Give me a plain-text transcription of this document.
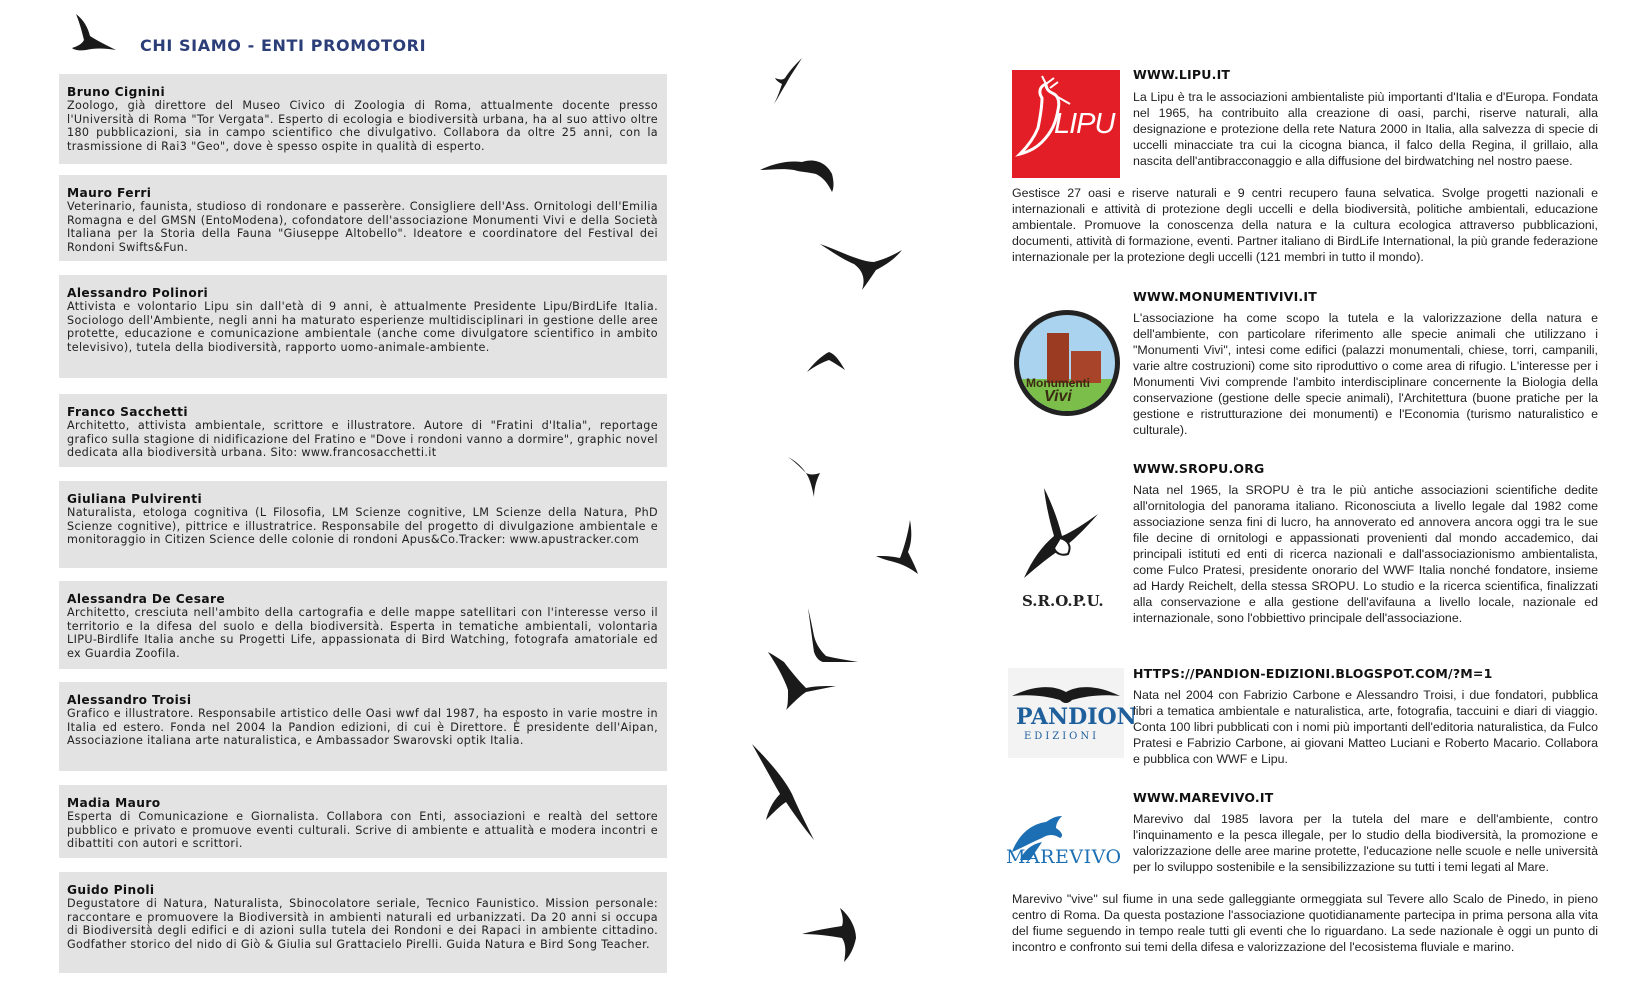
CHI SIAMO - ENTI PROMOTORI
Bruno Cignini
Zoologo, già direttore del Museo Civico di Zoologia di Roma, attualmente docente presso l'Università di Roma "Tor Vergata". Esperto di ecologia e biodiversità urbana, ha al suo attivo oltre 180 pubblicazioni, sia in campo scientifico che divulgativo. Collabora da oltre 25 anni, con la trasmissione di Rai3 "Geo", dove è spesso ospite in qualità di esperto.
Mauro Ferri
Veterinario, faunista, studioso di rondonare e passerère. Consigliere dell'Ass. Ornitologi dell'Emilia Romagna e del GMSN (EntoModena), cofondatore dell'associazione Monumenti Vivi e della Società Italiana per la Storia della Fauna "Giuseppe Altobello". Ideatore e coordinatore del Festival dei Rondoni Swifts&Fun.
Alessandro Polinori
Attivista e volontario Lipu sin dall'età di 9 anni, è attualmente Presidente Lipu/BirdLife Italia. Sociologo dell'Ambiente, negli anni ha maturato esperienze multidisciplinari in gestione delle aree protette, educazione e comunicazione ambientale (anche come divulgatore scientifico in ambito televisivo), tutela della biodiversità, rapporto uomo-animale-ambiente.
Franco Sacchetti
Architetto, attivista ambientale, scrittore e illustratore. Autore di "Fratini d'Italia", reportage grafico sulla stagione di nidificazione del Fratino e "Dove i rondoni vanno a dormire", graphic novel dedicata alla biodiversità urbana. Sito: www.francosacchetti.it
Giuliana Pulvirenti
Naturalista, etologa cognitiva (L Filosofia, LM Scienze cognitive, LM Scienze della Natura, PhD Scienze cognitive), pittrice e illustratrice. Responsabile del progetto di divulgazione ambientale e monitoraggio in Citizen Science delle colonie di rondoni Apus&Co.Tracker: www.apustracker.com
Alessandra De Cesare
Architetto, cresciuta nell'ambito della cartografia e delle mappe satellitari con l'interesse verso il territorio e la difesa del suolo e della biodiversità. Esperta in tematiche ambientali, volontaria LIPU-Birdlife Italia anche su Progetti Life, appassionata di Bird Watching, fotografa amatoriale ed ex Guardia Zoofila.
Alessandro Troisi
Grafico e illustratore. Responsabile artistico delle Oasi wwf dal 1987, ha esposto in varie mostre in Italia ed estero. Fonda nel 2004 la Pandion edizioni, di cui è Direttore. È presidente dell'Aipan, Associazione italiana arte naturalistica, e Ambassador Swarovski optik Italia.
Madia Mauro
Esperta di Comunicazione e Giornalista. Collabora con Enti, associazioni e realtà del settore pubblico e privato e promuove eventi culturali. Scrive di ambiente e attualità e modera incontri e dibattiti con autori e scrittori.
Guido Pinoli
Degustatore di Natura, Naturalista, Sbinocolatore seriale, Tecnico Faunistico. Mission personale: raccontare e promuovere la Biodiversità in ambienti naturali ed urbanizzati. Da 20 anni si occupa di Biodiversità degli edifici e di azioni sulla tutela dei Rondoni e dei Rapaci in ambiente cittadino. Godfather storico del nido di Giò & Giulia sul Grattacielo Pirelli. Guida Natura e Bird Song Teacher.
LIPU
WWW.LIPU.IT
La Lipu è tra le associazioni ambientaliste più importanti d'Italia e d'Europa. Fondata nel 1965, ha contribuito alla creazione di oasi, parchi, riserve naturali, alla designazione e protezione della rete Natura 2000 in Italia, alla salvezza di specie di uccelli minacciate tra cui la cicogna bianca, il falco della Regina, il grillaio, alla nascita dell'antibracconaggio e alla diffusione del birdwatching nel nostro paese.
Gestisce 27 oasi e riserve naturali e 9 centri recupero fauna selvatica. Svolge progetti nazionali e internazionali e attività di protezione degli uccelli e della biodiversità, politiche ambientali, educazione ambientale. Promuove la conoscenza della natura e la cultura ecologica attraverso pubblicazioni, documenti, attività di formazione, eventi. Partner italiano di BirdLife International, la più grande federazione internazionale per la protezione degli uccelli (121 membri in tutto il mondo).
Monumenti
Vivi
WWW.MONUMENTIVIVI.IT
L'associazione ha come scopo la tutela e la valorizzazione della natura e dell'ambiente, con particolare riferimento alle specie animali che utilizzano i "Monumenti Vivi", intesi come edifici (palazzi monumentali, chiese, torri, campanili, varie altre costruzioni) come sito riproduttivo o come area di rifugio. L'interesse per i Monumenti Vivi comprende l'ambito interdisciplinare concernente la Biologia della conservazione (gestione delle specie animali), l'Architettura (buone pratiche per la gestione e ristrutturazione dei monumenti) e l'Economia (turismo naturalistico e culturale).
S.R.O.P.U.
WWW.SROPU.ORG
Nata nel 1965, la SROPU è tra le più antiche associazioni scientifiche dedite all'ornitologia del panorama italiano. Riconosciuta a livello legale dal 1982 come associazione senza fini di lucro, ha annoverato ed annovera ancora oggi tra le sue file decine di ornitologi e appassionati provenienti dal mondo accademico, dai principali istituti ed enti di ricerca nazionali e dall'associazionismo ambientalista, come Fulco Pratesi, presidente onorario del WWF Italia nonché fondatore, insieme ad Hardy Reichelt, della stessa SROPU. Lo studio e la ricerca scientifica, finalizzati alla conservazione e alla gestione dell'avifauna a livello locale, nazionale ed internazionale, sono l'obbiettivo principale dell'associazione.
PANDION
EDIZIONI
HTTPS://PANDION-EDIZIONI.BLOGSPOT.COM/?M=1
Nata nel 2004 con Fabrizio Carbone e Alessandro Troisi, i due fondatori, pubblica libri a tematica ambientale e naturalistica, arte, fotografia, taccuini e diari di viaggio. Conta 100 libri pubblicati con i nomi più importanti dell'editoria naturalistica, da Fulco Pratesi e Fabrizio Carbone, ai giovani Matteo Luciani e Roberto Macario. Collabora e pubblica con WWF e Lipu.
MAREVIVO
WWW.MAREVIVO.IT
Marevivo dal 1985 lavora per la tutela del mare e dell'ambiente, contro l'inquinamento e la pesca illegale, per lo studio della biodiversità, la promozione e valorizzazione delle aree marine protette, l'educazione nelle scuole e nelle università per lo sviluppo sostenibile e la sensibilizzazione su tutti i temi legati al Mare.
Marevivo "vive" sul fiume in una sede galleggiante ormeggiata sul Tevere allo Scalo de Pinedo, in pieno centro di Roma. Da questa postazione l'associazione quotidianamente partecipa in prima persona alla vita del fiume seguendo in tempo reale tutti gli eventi che lo riguardano. La sede nazionale è oggi un punto di incontro e confronto sui temi della difesa e valorizzazione del l'ecosistema fluviale e marino.
